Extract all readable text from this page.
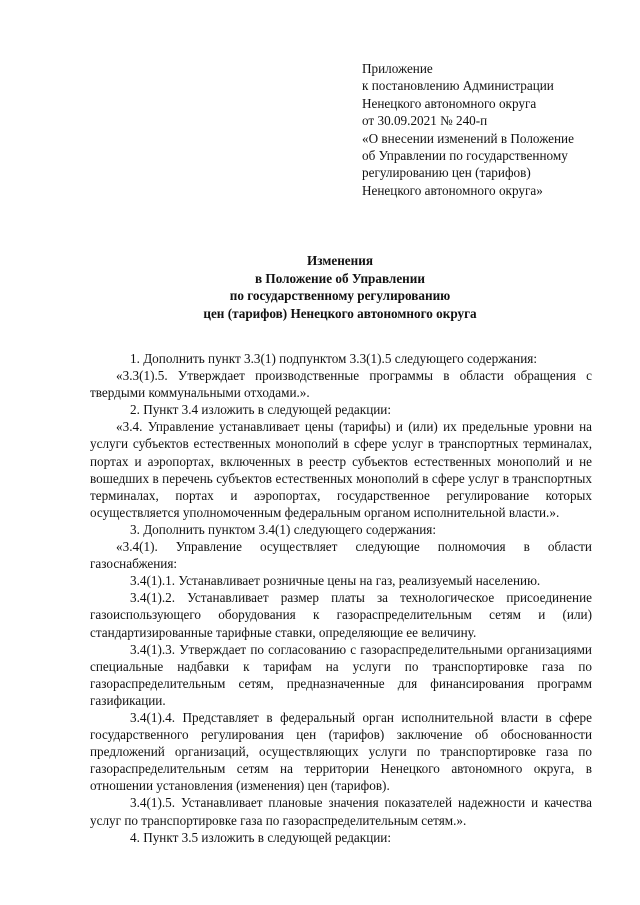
Приложение
к постановлению Администрации
Ненецкого автономного округа
от 30.09.2021 № 240-п
«О внесении изменений в Положение
об Управлении по государственному
регулированию цен (тарифов)
Ненецкого автономного округа»
Изменения
в Положение об Управлении
по государственному регулированию
цен (тарифов) Ненецкого автономного округа

1. Дополнить пункт 3.3(1) подпунктом 3.3(1).5 следующего содержания:

«3.3(1).5. Утверждает производственные программы в области обращения с твердыми коммунальными отходами.».

2. Пункт 3.4 изложить в следующей редакции:

«3.4. Управление устанавливает цены (тарифы) и (или) их предельные уровни на услуги субъектов естественных монополий в сфере услуг в транспортных терминалах, портах и аэропортах, включенных в реестр субъектов естественных монополий и не вошедших в перечень субъектов естественных монополий в сфере услуг в транспортных терминалах, портах и аэропортах, государственное регулирование которых осуществляется уполномоченным федеральным органом исполнительной власти.».

3. Дополнить пунктом 3.4(1) следующего содержания:

«3.4(1). Управление осуществляет следующие полномочия в области газоснабжения:

3.4(1).1. Устанавливает розничные цены на газ, реализуемый населению.

3.4(1).2. Устанавливает размер платы за технологическое присоединение газоиспользующего оборудования к газораспределительным сетям и (или) стандартизированные тарифные ставки, определяющие ее величину.

3.4(1).3. Утверждает по согласованию с газораспределительными организациями специальные надбавки к тарифам на услуги по транспортировке газа по газораспределительным сетям, предназначенные для финансирования программ газификации.

3.4(1).4. Представляет в федеральный орган исполнительной власти в сфере государственного регулирования цен (тарифов) заключение об обоснованности предложений организаций, осуществляющих услуги по транспортировке газа по газораспределительным сетям на территории Ненецкого автономного округа, в отношении установления (изменения) цен (тарифов).

3.4(1).5. Устанавливает плановые значения показателей надежности и качества услуг по транспортировке газа по газораспределительным сетям.».

4. Пункт 3.5 изложить в следующей редакции:
